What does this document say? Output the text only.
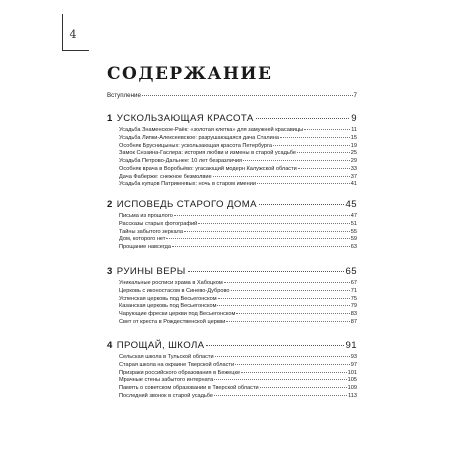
4
СОДЕРЖАНИЕ
Вступление	7
1 УСКОЛЬЗАЮЩАЯ КРАСОТА	9
Усадьба Знаменское-Раёк: «золотая клетка» для замужней красавицы	11
Усадьба Липки-Алексеевское: разрушающаяся дача Сталина	15
Особняк Брусницыных: ускользающая красота Петербурга	19
Замок Снэзина-Гаслера: история любви и измены в старой усадьбе	25
Усадьба Петрово-Дальнее: 10 лет безразличия	29
Особняк врача в Воробьёво: угасающий модерн Калужской области	33
Дача Фаберже: снежное безмолвие	37
Усадьба купцов Патрикеевых: ночь в старом имении	41
2 ИСПОВЕДЬ СТАРОГО ДОМА	45
Письма из прошлого	47
Рассказы старых фотографий	51
Тайны забытого зеркала	55
Дом, которого нет	59
Прощание навсегда	63
3 РУИНЫ ВЕРЫ	65
Уникальные росписи храма в Хабоцком	67
Церковь с иконостасом в Синево-Дуброво	71
Успенская церковь под Весьегонском	75
Казанская церковь под Весьегонском	79
Чарующие фрески церкви под Весьегонском	83
Свет от креста в Рождественской церкви	87
4 ПРОЩАЙ, ШКОЛА	91
Сельская школа в Тульской области	93
Старая школа на окраине Тверской области	97
Призраки российского образования в Бежецке	101
Мрачные стены забытого интерната	105
Память о советском образовании в Тверской области	109
Последний звонок в старой усадьбе	113
